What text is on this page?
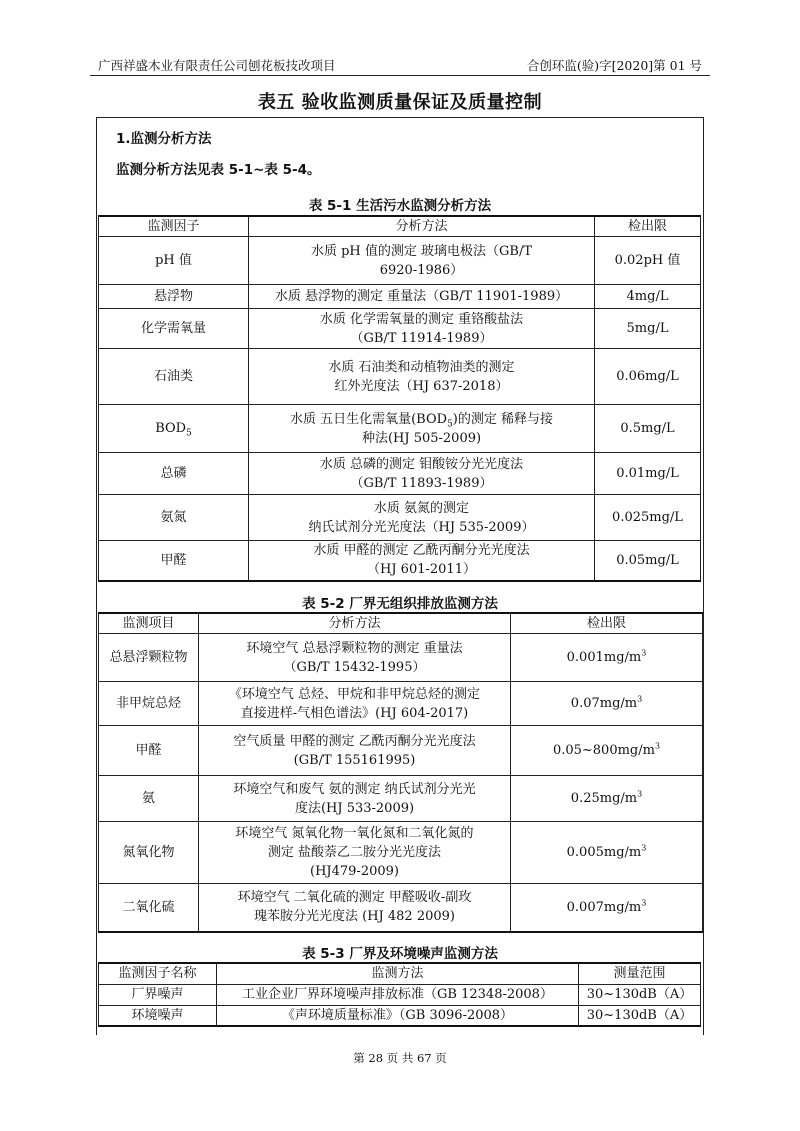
广西祥盛木业有限责任公司刨花板技改项目	合创环监(验)字[2020]第 01 号
表五 验收监测质量保证及质量控制
1.监测分析方法
监测分析方法见表 5-1~表 5-4。
表 5-1 生活污水监测分析方法
监测因子	分析方法	检出限
pH 值	水质 pH 值的测定 玻璃电极法（GB/T
6920-1986）	0.02pH 值
悬浮物	水质 悬浮物的测定 重量法（GB/T 11901-1989）	4mg/L
化学需氧量	水质 化学需氧量的测定 重铬酸盐法
（GB/T 11914-1989）	5mg/L
石油类	水质 石油类和动植物油类的测定
红外光度法（HJ 637-2018）	0.06mg/L
$BOD_5$	水质 五日生化需氧量$(BOD_5)$的测定 稀释与接
种法(HJ 505-2009)	0.5mg/L
总磷	水质 总磷的测定 钼酸铵分光光度法
（GB/T 11893-1989）	0.01mg/L
氨氮	水质 氨氮的测定
纳氏试剂分光光度法（HJ 535-2009）	0.025mg/L
甲醛	水质 甲醛的测定 乙酰丙酮分光光度法
（HJ 601-2011）	0.05mg/L
表 5-2 厂界无组织排放监测方法
监测项目	分析方法	检出限
总悬浮颗粒物	环境空气 总悬浮颗粒物的测定 重量法
（GB/T 15432-1995）	$0.001mg/m^3$
非甲烷总烃	《环境空气 总烃、甲烷和非甲烷总烃的测定
直接进样-气相色谱法》(HJ 604-2017)	$0.07mg/m^3$
甲醛	空气质量 甲醛的测定 乙酰丙酮分光光度法
(GB/T 155161995)	$0.05\sim 800mg/m^3$
氨	环境空气和废气 氨的测定 纳氏试剂分光光
度法(HJ 533-2009)	$0.25mg/m^3$
氮氧化物	环境空气 氮氧化物一氧化氮和二氧化氮的
测定 盐酸萘乙二胺分光光度法
(HJ479-2009)	$0.005mg/m^3$
二氧化硫	环境空气 二氧化硫的测定 甲醛吸收-副玫
瑰苯胺分光光度法 (HJ 482 2009)	$0.007mg/m^3$
表 5-3 厂界及环境噪声监测方法
监测因子名称	监测方法	测量范围
厂界噪声	工业企业厂界环境噪声排放标准（GB 12348-2008）	30~130dB（A）
环境噪声	《声环境质量标准》（GB 3096-2008）	30~130dB（A）
第 28 页 共 67 页
